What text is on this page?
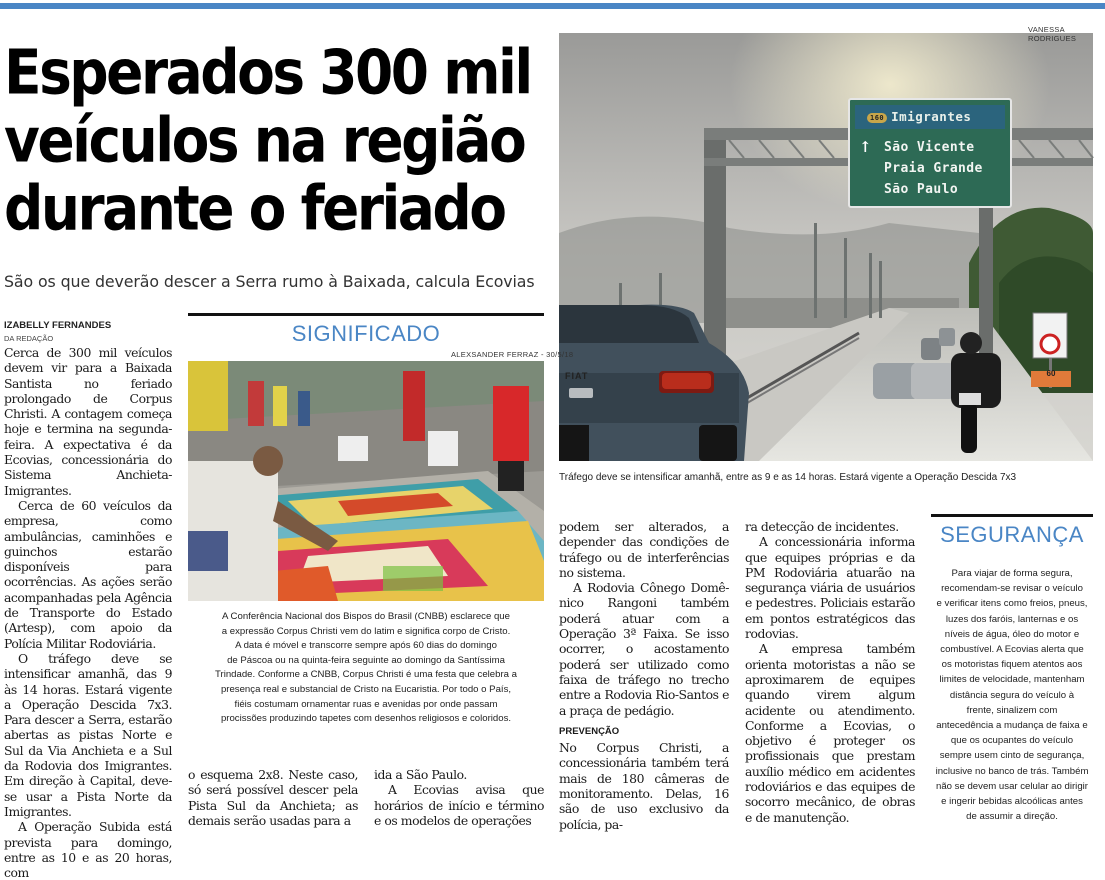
160 Imigrantes
↑ São Vicente
Praia Grande
São Paulo
60
FIAT
VANESSA RODRIGUES
Esperados 300 mil
veículos na região
durante o feriado
São os que deverão descer a Serra rumo à Baixada, calcula Ecovias
IZABELLY FERNANDES
DA REDAÇÃO

Cerca de 300 mil veículos devem vir para a Baixada Santista no feriado prolongado de Corpus Christi. A contagem começa hoje e termina na segunda-feira. A expectativa é da Ecovias, concessionária do Sistema Anchieta-Imigrantes.

Cerca de 60 veículos da empresa, como ambulâncias, caminhões e guinchos estarão disponíveis para ocorrências. As ações serão acompanhadas pela Agência de Transporte do Estado (Artesp), com apoio da Polícia Militar Rodoviária.

O tráfego deve se intensificar amanhã, das 9 às 14 horas. Estará vigente a Operação Descida 7x3. Para descer a Serra, estarão abertas as pistas Norte e Sul da Via Anchieta e a Sul da Rodovia dos Imigrantes. Em direção à Capital, deve-se usar a Pista Norte da Imigrantes.

A Operação Subida está prevista para domingo, entre as 10 e as 20 horas, com

SIGNIFICADO
ALEXSANDER FERRAZ - 30/5/18
A Conferência Nacional dos Bispos do Brasil (CNBB) esclarece que
a expressão Corpus Christi vem do latim e significa corpo de Cristo.
A data é móvel e transcorre sempre após 60 dias do domingo
de Páscoa ou na quinta-feira seguinte ao domingo da Santíssima
Trindade. Conforme a CNBB, Corpus Christi é uma festa que celebra a
presença real e substancial de Cristo na Eucaristia. Por todo o País,
fiéis costumam ornamentar ruas e avenidas por onde passam
procissões produzindo tapetes com desenhos religiosos e coloridos.

o esquema 2x8. Neste caso, só será possível descer pela Pista Sul da Anchieta; as demais serão usadas para a

ida a São Paulo.

A Ecovias avisa que horários de início e término e os modelos de operações

Tráfego deve se intensificar amanhã, entre as 9 e as 14 horas. Estará vigente a Operação Descida 7x3

podem ser alterados, a depender das condições de tráfego ou de interferências no sistema.

A Rodovia Cônego Domê-nico Rangoni também poderá atuar com a Operação 3ª Faixa. Se isso ocorrer, o acostamento poderá ser utilizado como faixa de tráfego no trecho entre a Rodovia Rio-Santos e a praça de pedágio.

PREVENÇÃO

No Corpus Christi, a concessionária também terá mais de 180 câmeras de monitoramento. Delas, 16 são de uso exclusivo da polícia, pa-

ra detecção de incidentes.

A concessionária informa que equipes próprias e da PM Rodoviária atuarão na segurança viária de usuários e pedestres. Policiais estarão em pontos estratégicos das rodovias.

A empresa também orienta motoristas a não se aproximarem de equipes quando virem algum acidente ou atendimento. Conforme a Ecovias, o objetivo é proteger os profissionais que prestam auxílio médico em acidentes rodoviários e das equipes de socorro mecânico, de obras e de manutenção.

SEGURANÇA
Para viajar de forma segura,
recomendam-se revisar o veículo
e verificar itens como freios, pneus,
luzes dos faróis, lanternas e os
níveis de água, óleo do motor e
combustível. A Ecovias alerta que
os motoristas fiquem atentos aos
limites de velocidade, mantenham
distância segura do veículo à
frente, sinalizem com
antecedência a mudança de faixa e
que os ocupantes do veículo
sempre usem cinto de segurança,
inclusive no banco de trás. Também
não se devem usar celular ao dirigir
e ingerir bebidas alcoólicas antes
de assumir a direção.
